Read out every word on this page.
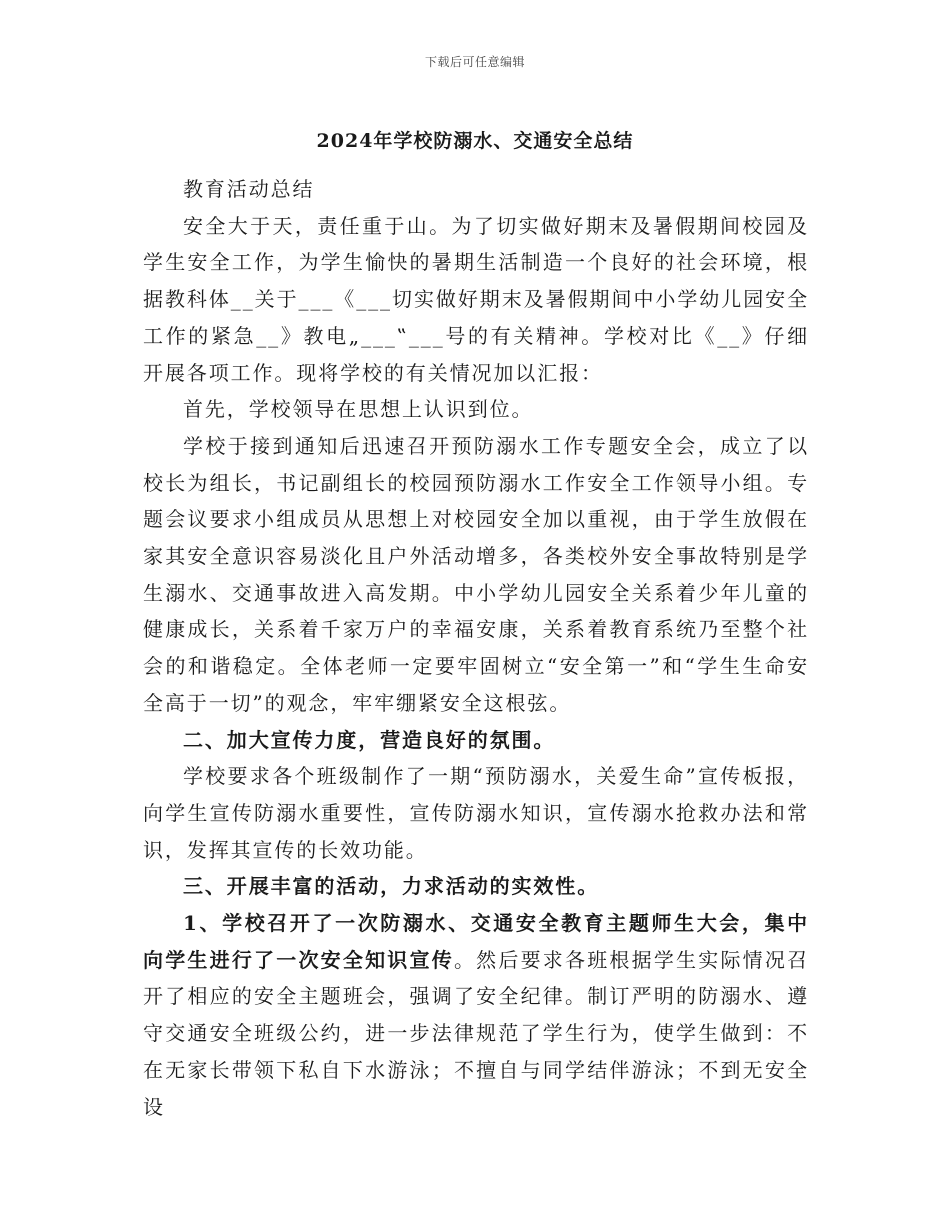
下载后可任意编辑
2024年学校防溺水、交通安全总结

教育活动总结

安全大于天，责任重于山。为了切实做好期末及暑假期间校园及学生安全工作，为学生愉快的暑期生活制造一个良好的社会环境，根据教科体__关于___《___切实做好期末及暑假期间中小学幼儿园安全工作的紧急__》教电„___‟___号的有关精神。学校对比《__》仔细开展各项工作。现将学校的有关情况加以汇报：

首先，学校领导在思想上认识到位。

学校于接到通知后迅速召开预防溺水工作专题安全会，成立了以校长为组长，书记副组长的校园预防溺水工作安全工作领导小组。专题会议要求小组成员从思想上对校园安全加以重视，由于学生放假在家其安全意识容易淡化且户外活动增多，各类校外安全事故特别是学生溺水、交通事故进入高发期。中小学幼儿园安全关系着少年儿童的健康成长，关系着千家万户的幸福安康，关系着教育系统乃至整个社会的和谐稳定。全体老师一定要牢固树立“安全第一”和“学生生命安全高于一切”的观念，牢牢绷紧安全这根弦。

二、加大宣传力度，营造良好的氛围。

学校要求各个班级制作了一期“预防溺水，关爱生命”宣传板报，向学生宣传防溺水重要性，宣传防溺水知识，宣传溺水抢救办法和常识，发挥其宣传的长效功能。

三、开展丰富的活动，力求活动的实效性。

1、学校召开了一次防溺水、交通安全教育主题师生大会，集中向学生进行了一次安全知识宣传。然后要求各班根据学生实际情况召开了相应的安全主题班会，强调了安全纪律。制订严明的防溺水、遵守交通安全班级公约，进一步法律规范了学生行为，使学生做到：不在无家长带领下私自下水游泳；不擅自与同学结伴游泳；不到无安全设
